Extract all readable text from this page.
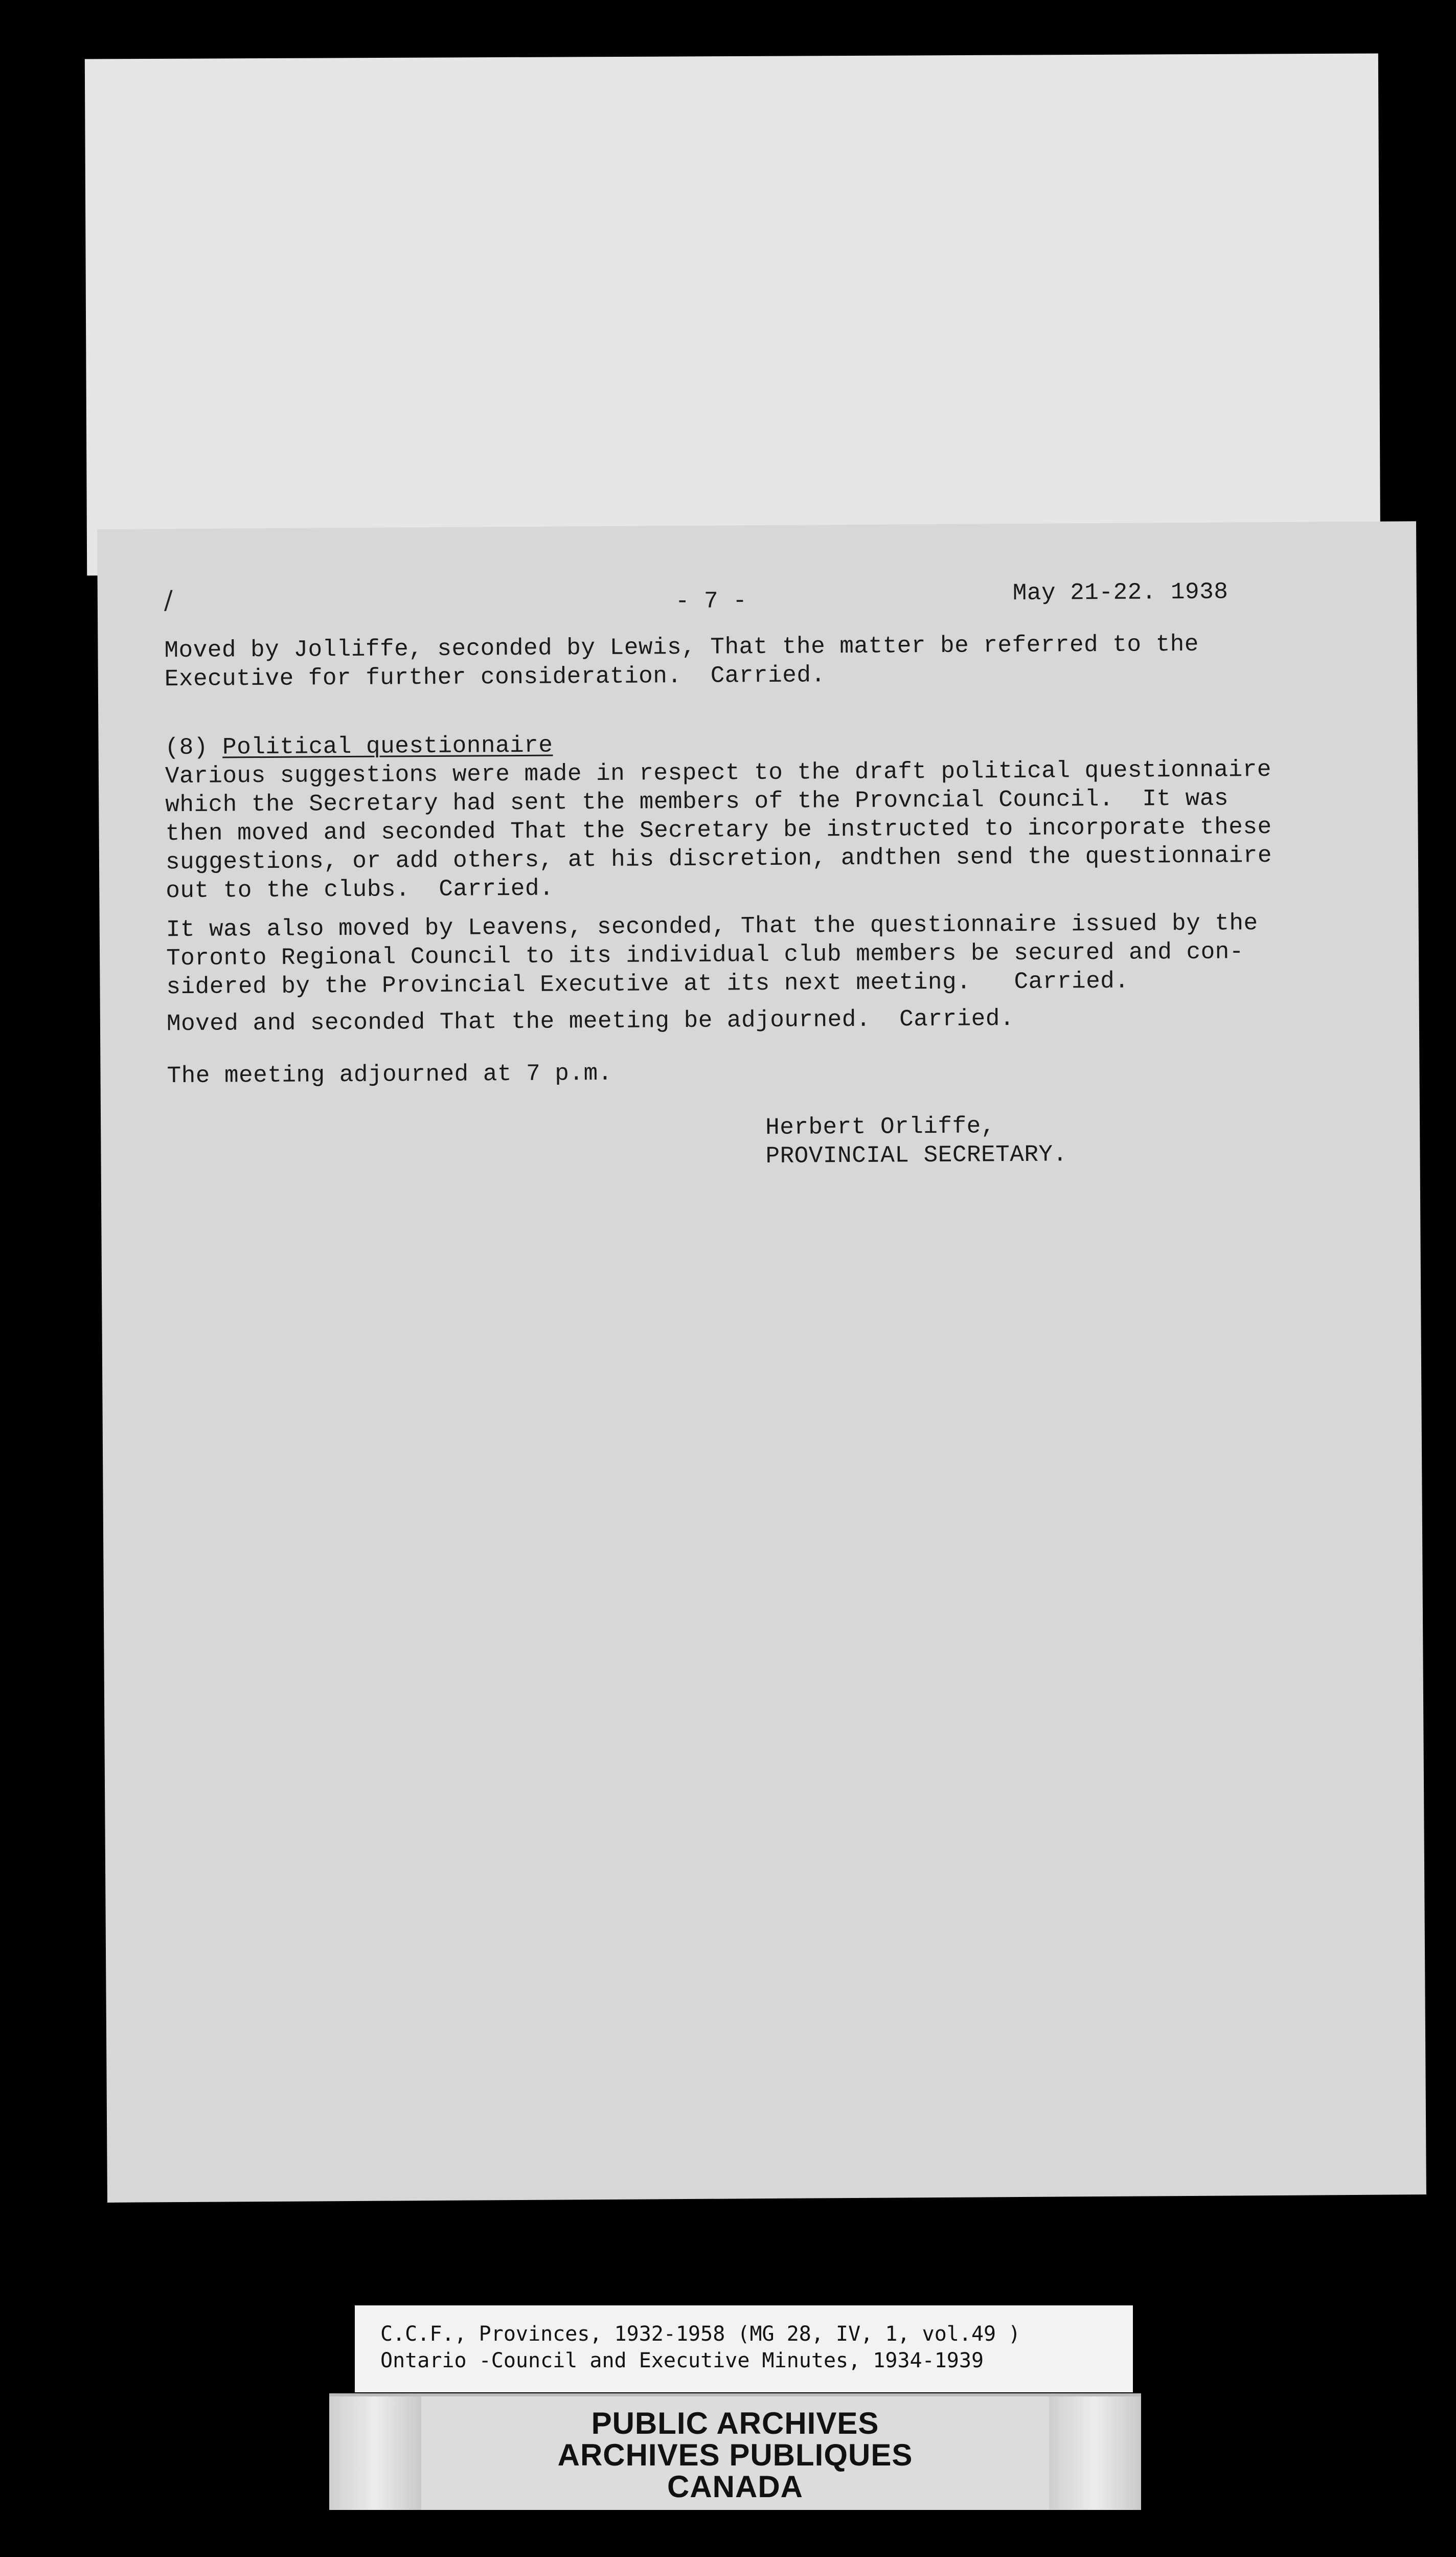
/	- 7 -	May 21-22. 1938
Moved by Jolliffe, seconded by Lewis, That the matter be referred to the
Executive for further consideration.  Carried.
(8) Political questionnaire
Various suggestions were made in respect to the draft political questionnaire
which the Secretary had sent the members of the Provncial Council.  It was
then moved and seconded That the Secretary be instructed to incorporate these
suggestions, or add others, at his discretion, andthen send the questionnaire
out to the clubs.  Carried.
It was also moved by Leavens, seconded, That the questionnaire issued by the
Toronto Regional Council to its individual club members be secured and con-
sidered by the Provincial Executive at its next meeting.   Carried.
Moved and seconded That the meeting be adjourned.  Carried.
The meeting adjourned at 7 p.m.
Herbert Orliffe,
PROVINCIAL SECRETARY.
C.C.F., Provinces, 1932-1958 (MG 28, IV, 1, vol.49 )
Ontario -Council and Executive Minutes, 1934-1939
PUBLIC ARCHIVES
ARCHIVES PUBLIQUES
CANADA
